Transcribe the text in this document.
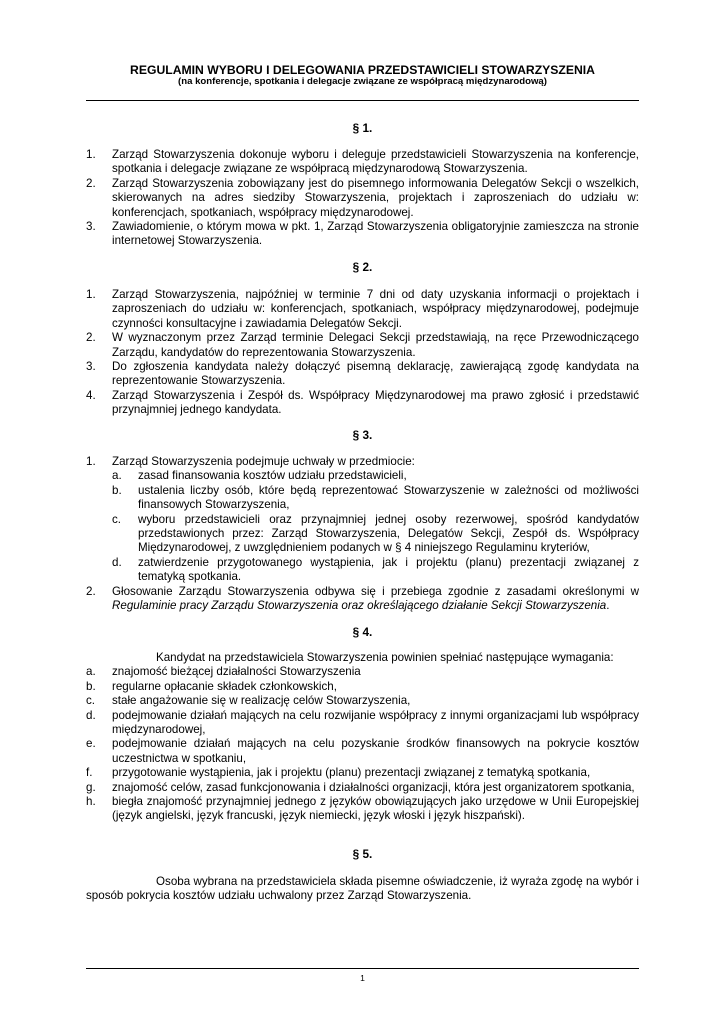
REGULAMIN WYBORU I DELEGOWANIA PRZEDSTAWICIELI STOWARZYSZENIA
(na konferencje, spotkania i delegacje związane ze współpracą międzynarodową)
§ 1.
1. Zarząd Stowarzyszenia dokonuje wyboru i deleguje przedstawicieli Stowarzyszenia na konferencje, spotkania i delegacje związane ze współpracą międzynarodową Stowarzyszenia.
2. Zarząd Stowarzyszenia zobowiązany jest do pisemnego informowania Delegatów Sekcji o wszelkich, skierowanych na adres siedziby Stowarzyszenia, projektach i zaproszeniach do udziału w: konferencjach, spotkaniach, współpracy międzynarodowej.
3. Zawiadomienie, o którym mowa w pkt. 1, Zarząd Stowarzyszenia obligatoryjnie zamieszcza na stronie internetowej Stowarzyszenia.
§ 2.
1. Zarząd Stowarzyszenia, najpóźniej w terminie 7 dni od daty uzyskania informacji o projektach i zaproszeniach do udziału w: konferencjach, spotkaniach, współpracy międzynarodowej, podejmuje czynności konsultacyjne i zawiadamia Delegatów Sekcji.
2. W wyznaczonym przez Zarząd terminie Delegaci Sekcji przedstawiają, na ręce Przewodniczącego Zarządu, kandydatów do reprezentowania Stowarzyszenia.
3. Do zgłoszenia kandydata należy dołączyć pisemną deklarację, zawierającą zgodę kandydata na reprezentowanie Stowarzyszenia.
4. Zarząd Stowarzyszenia i Zespół ds. Współpracy Międzynarodowej ma prawo zgłosić i przedstawić przynajmniej jednego kandydata.
§ 3.
1. Zarząd Stowarzyszenia podejmuje uchwały w przedmiocie:
a. zasad finansowania kosztów udziału przedstawicieli,
b. ustalenia liczby osób, które będą reprezentować Stowarzyszenie w zależności od możliwości finansowych Stowarzyszenia,
c. wyboru przedstawicieli oraz przynajmniej jednej osoby rezerwowej, spośród kandydatów przedstawionych przez: Zarząd Stowarzyszenia, Delegatów Sekcji, Zespół ds. Współpracy Międzynarodowej, z uwzględnieniem podanych w § 4 niniejszego Regulaminu kryteriów,
d. zatwierdzenie przygotowanego wystąpienia, jak i projektu (planu) prezentacji związanej z tematyką spotkania.
2. Głosowanie Zarządu Stowarzyszenia odbywa się i przebiega zgodnie z zasadami określonymi w Regulaminie pracy Zarządu Stowarzyszenia oraz określającego działanie Sekcji Stowarzyszenia.
§ 4.
Kandydat na przedstawiciela Stowarzyszenia powinien spełniać następujące wymagania:
a. znajomość bieżącej działalności Stowarzyszenia
b. regularne opłacanie składek członkowskich,
c. stałe angażowanie się w realizację celów Stowarzyszenia,
d. podejmowanie działań mających na celu rozwijanie współpracy z innymi organizacjami lub współpracy międzynarodowej,
e. podejmowanie działań mających na celu pozyskanie środków finansowych na pokrycie kosztów uczestnictwa w spotkaniu,
f. przygotowanie wystąpienia, jak i projektu (planu) prezentacji związanej z tematyką spotkania,
g. znajomość celów, zasad funkcjonowania i działalności organizacji, która jest organizatorem spotkania,
h. biegła znajomość przynajmniej jednego z języków obowiązujących jako urzędowe w Unii Europejskiej (język angielski, język francuski, język niemiecki, język włoski i język hiszpański).
§ 5.
Osoba wybrana na przedstawiciela składa pisemne oświadczenie, iż wyraża zgodę na wybór i sposób pokrycia kosztów udziału uchwalony przez Zarząd Stowarzyszenia.
1
